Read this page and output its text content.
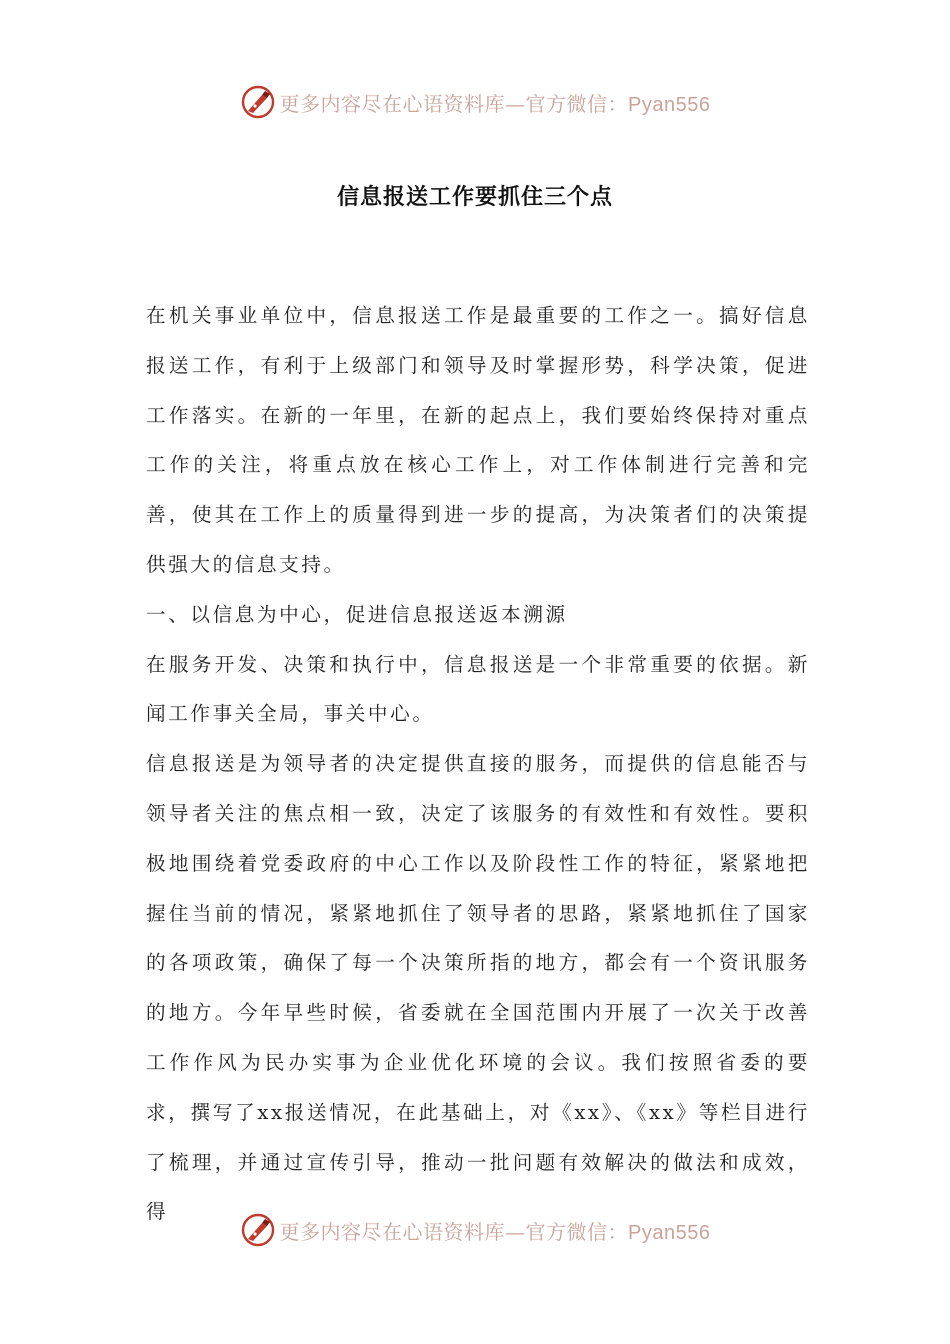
更多内容尽在心语资料库—官方微信：Pyan556
信息报送工作要抓住三个点

在机关事业单位中，信息报送工作是最重要的工作之一。搞好信息报送工作，有利于上级部门和领导及时掌握形势，科学决策，促进工作落实。在新的一年里，在新的起点上，我们要始终保持对重点工作的关注，将重点放在核心工作上，对工作体制进行完善和完善，使其在工作上的质量得到进一步的提高，为决策者们的决策提供强大的信息支持。

一、以信息为中心，促进信息报送返本溯源

在服务开发、决策和执行中，信息报送是一个非常重要的依据。新闻工作事关全局，事关中心。

信息报送是为领导者的决定提供直接的服务，而提供的信息能否与领导者关注的焦点相一致，决定了该服务的有效性和有效性。要积极地围绕着党委政府的中心工作以及阶段性工作的特征，紧紧地把握住当前的情况，紧紧地抓住了领导者的思路，紧紧地抓住了国家的各项政策，确保了每一个决策所指的地方，都会有一个资讯服务的地方。今年早些时候，省委就在全国范围内开展了一次关于改善工作作风为民办实事为企业优化环境的会议。我们按照省委的要求，撰写了xx报送情况，在此基础上，对《xx》、《xx》等栏目进行了梳理，并通过宣传引导，推动一批问题有效解决的做法和成效，得

更多内容尽在心语资料库—官方微信：Pyan556
